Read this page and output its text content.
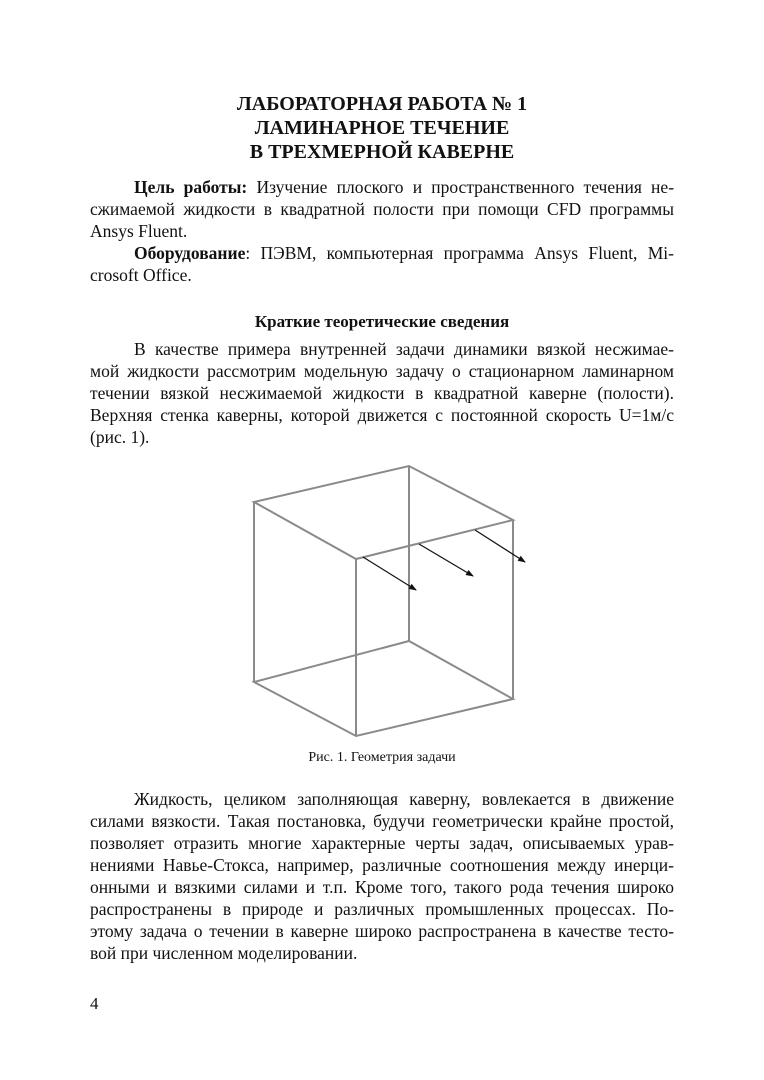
ЛАБОРАТОРНАЯ РАБОТА № 1
ЛАМИНАРНОЕ ТЕЧЕНИЕ
В ТРЕХМЕРНОЙ КАВЕРНЕ
Цель работы: Изучение плоского и пространственного течения не-
сжимаемой жидкости в квадратной полости при помощи CFD программы
Ansys Fluent.
Оборудование: ПЭВМ, компьютерная программа Ansys Fluent, Mi-
crosoft Office.
Краткие теоретические сведения
В качестве примера внутренней задачи динамики вязкой несжимае-
мой жидкости рассмотрим модельную задачу о стационарном ламинарном
течении вязкой несжимаемой жидкости в квадратной каверне (полости).
Верхняя стенка каверны, которой движется с постоянной скорость U=1м/с
(рис. 1).
Рис. 1. Геометрия задачи
Жидкость, целиком заполняющая каверну, вовлекается в движение
силами вязкости. Такая постановка, будучи геометрически крайне простой,
позволяет отразить многие характерные черты задач, описываемых урав-
нениями Навье-Стокса, например, различные соотношения между инерци-
онными и вязкими силами и т.п. Кроме того, такого рода течения широко
распространены в природе и различных промышленных процессах. По-
этому задача о течении в каверне широко распространена в качестве тесто-
вой при численном моделировании.
4
